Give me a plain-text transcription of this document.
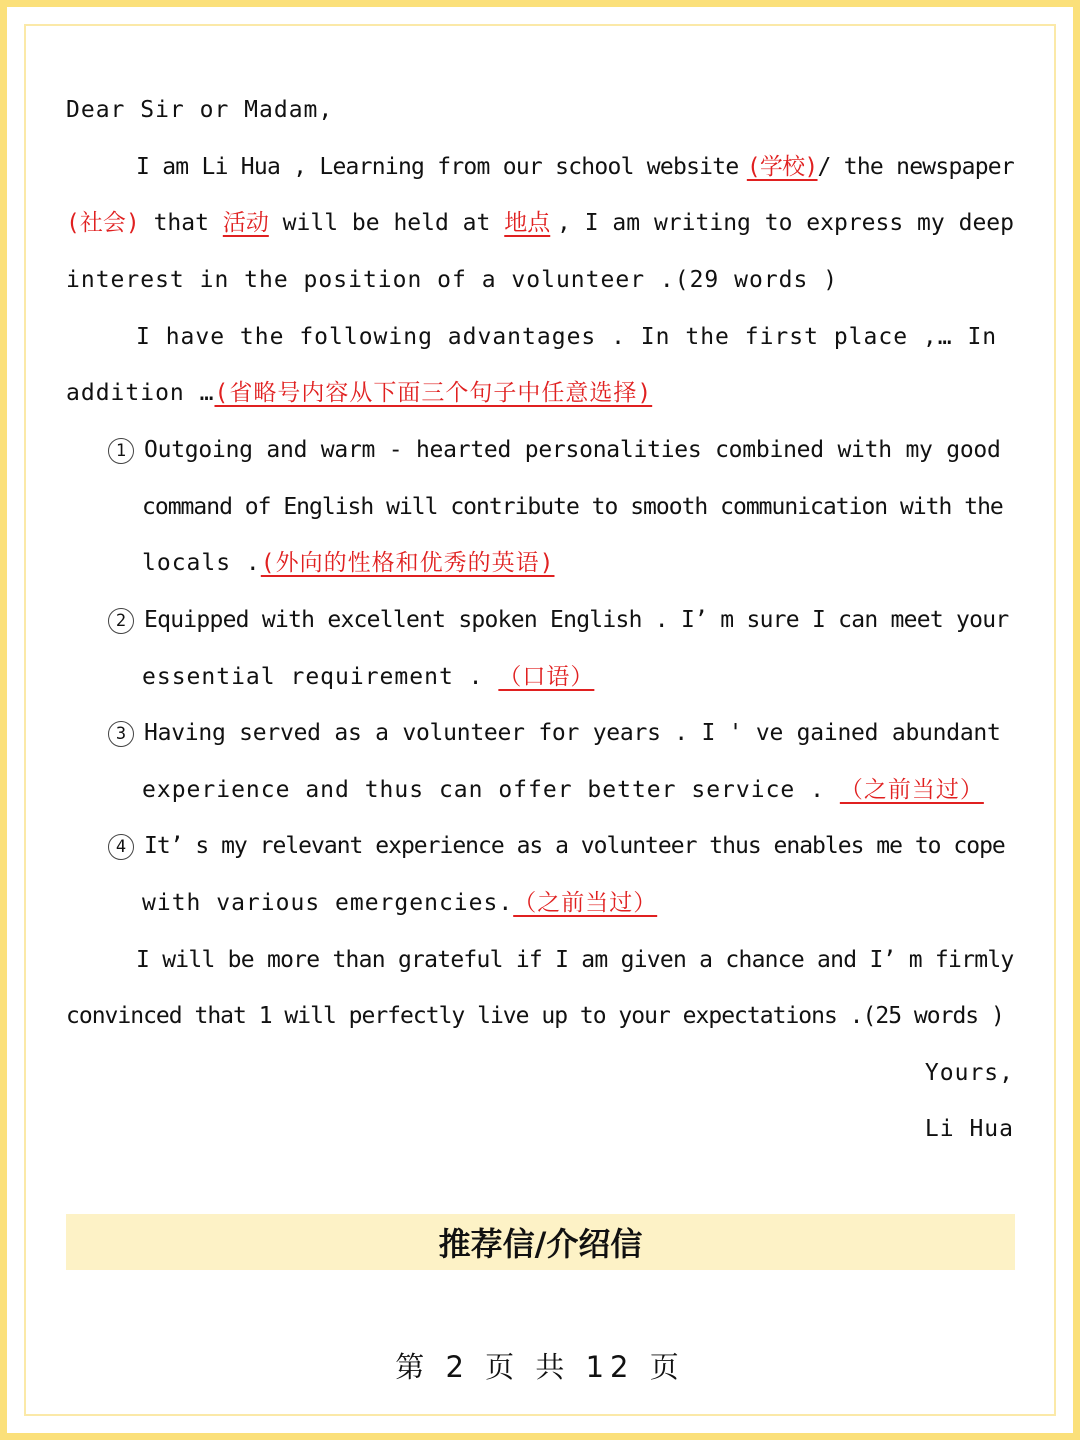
Dear Sir or Madam,
I am Li Hua , Learning from our school website (学校)/ the newspaper
(社会) that 活动 will be held at 地点 , I am writing to express my deep
interest in the position of a volunteer .(29 words )
I have the following advantages . In the first place ,… In
addition …(省略号内容从下面三个句子中任意选择)
1 Outgoing and warm - hearted personalities combined with my good
command of English will contribute to smooth communication with the
locals .(外向的性格和优秀的英语)
2 Equipped with excellent spoken English . I’ m sure I can meet your
essential requirement . （口语）
3 Having served as a volunteer for years . I ' ve gained abundant
experience and thus can offer better service . （之前当过）
4 It’ s my relevant experience as a volunteer thus enables me to cope
with various emergencies.（之前当过）
I will be more than grateful if I am given a chance and I’ m firmly
convinced that 1 will perfectly live up to your expectations .(25 words )
Yours,
Li Hua
推荐信/介绍信
第 2 页 共 12 页
